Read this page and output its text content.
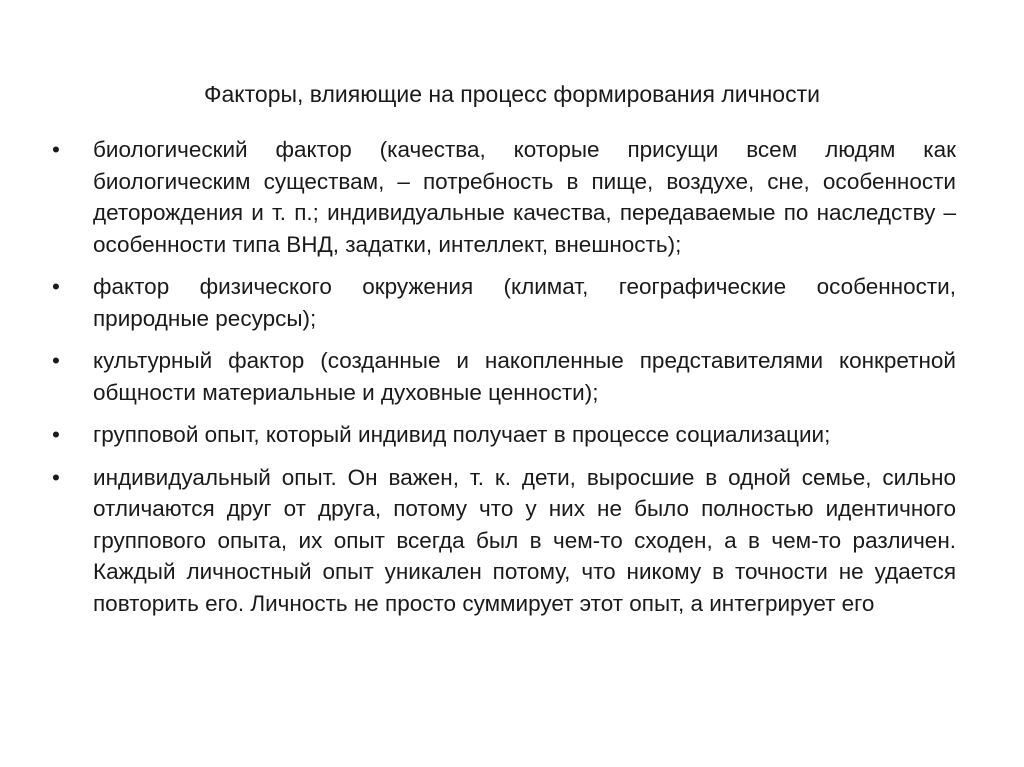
Факторы, влияющие на процесс формирования личности
•	биологический фактор (качества, которые присущи всем людям как биологическим существам, – потребность в пище, воздухе, сне, особенности деторождения и т. п.; индивидуальные качества, передаваемые по наследству – особенности типа ВНД, задатки, интеллект, внешность);
•	фактор физического окружения (климат, географические особенности, природные ресурсы);
•	культурный фактор (созданные и накопленные представителями конкретной общности материальные и духовные ценности);
•	групповой опыт, который индивид получает в процессе социализации;
•	индивидуальный опыт. Он важен, т. к. дети, выросшие в одной семье, сильно отличаются друг от друга, потому что у них не было полностью идентичного группового опыта, их опыт всегда был в чем-то сходен, а в чем-то различен. Каждый личностный опыт уникален потому, что никому в точности не удается повторить его. Личность не просто суммирует этот опыт, а интегрирует его
